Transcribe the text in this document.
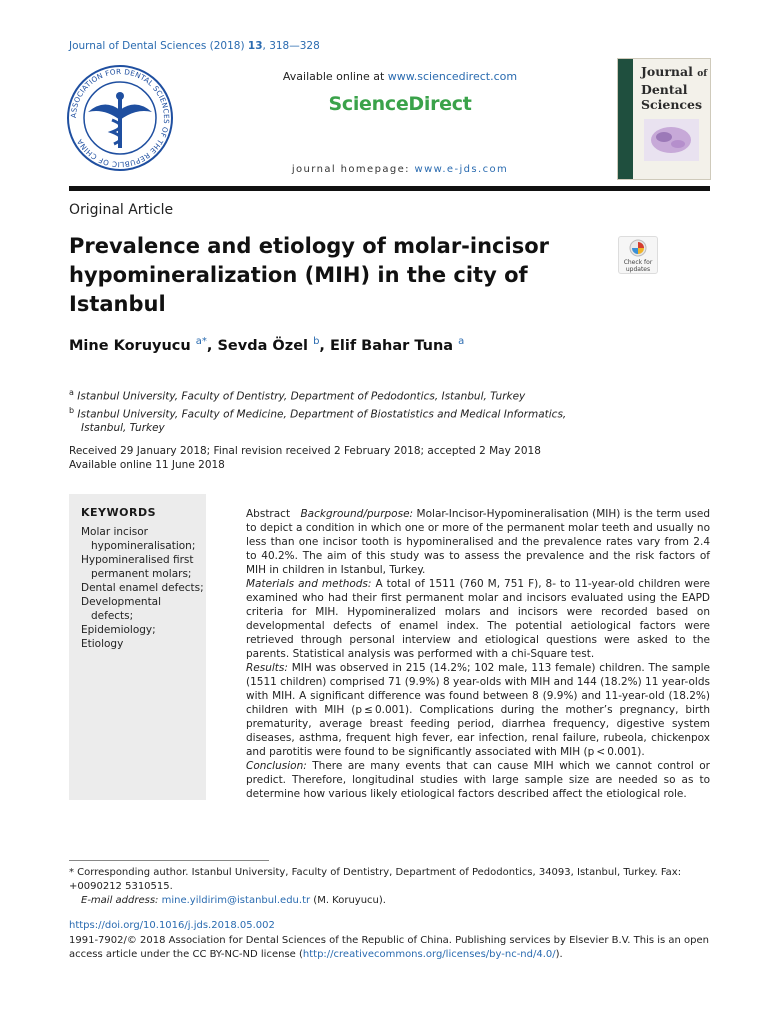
Journal of Dental Sciences (2018) 13, 318—328
ASSOCIATION FOR DENTAL SCIENCES OF THE REPUBLIC OF CHINA
Available online at www.sciencedirect.com
ScienceDirect
journal homepage: www.e-jds.com
Journal of
Dental
Sciences
Original Article
Prevalence and etiology of molar-incisor hypomineralization (MIH) in the city of Istanbul
Check for
updates
Mine Koruyucu $^{a*}$, Sevda Özel $^b$, Elif Bahar Tuna $^a$
$^a$ Istanbul University, Faculty of Dentistry, Department of Pedodontics, Istanbul, Turkey
$^b$ Istanbul University, Faculty of Medicine, Department of Biostatistics and Medical Informatics,
Istanbul, Turkey
Received 29 January 2018; Final revision received 2 February 2018; accepted 2 May 2018
Available online 11 June 2018
KEYWORDS
Molar incisor hypomineralisation;
Hypomineralised first permanent molars;
Dental enamel defects;
Developmental defects;
Epidemiology;
Etiology

Abstract Background/purpose: Molar-Incisor-Hypomineralisation (MIH) is the term used to depict a condition in which one or more of the permanent molar teeth and usually no less than one incisor tooth is hypomineralised and the prevalence rates vary from 2.4 to 40.2%. The aim of this study was to assess the prevalence and the risk factors of MIH in children in Istanbul, Turkey.

Materials and methods: A total of 1511 (760 M, 751 F), 8- to 11-year-old children were examined who had their first permanent molar and incisors evaluated using the EAPD criteria for MIH. Hypomineralized molars and incisors were recorded based on developmental defects of enamel index. The potential aetiological factors were retrieved through personal interview and etiological questions were asked to the parents. Statistical analysis was performed with a chi-Square test.

Results: MIH was observed in 215 (14.2%; 102 male, 113 female) children. The sample (1511 children) comprised 71 (9.9%) 8 year-olds with MIH and 144 (18.2%) 11 year-olds with MIH. A significant difference was found between 8 (9.9%) and 11-year-old (18.2%) children with MIH (p ≤ 0.001). Complications during the mother’s pregnancy, birth prematurity, average breast feeding period, diarrhea frequency, digestive system diseases, asthma, frequent high fever, ear infection, renal failure, rubeola, chickenpox and parotitis were found to be significantly associated with MIH (p < 0.001).

Conclusion: There are many events that can cause MIH which we cannot control or predict. Therefore, longitudinal studies with large sample size are needed so as to determine how various likely etiological factors described affect the etiological role.

* Corresponding author. Istanbul University, Faculty of Dentistry, Department of Pedodontics, 34093, Istanbul, Turkey. Fax: +0090212 5310515.
E-mail address: mine.yildirim@istanbul.edu.tr (M. Koruyucu).
https://doi.org/10.1016/j.jds.2018.05.002
1991-7902/© 2018 Association for Dental Sciences of the Republic of China. Publishing services by Elsevier B.V. This is an open access article under the CC BY-NC-ND license (http://creativecommons.org/licenses/by-nc-nd/4.0/).
